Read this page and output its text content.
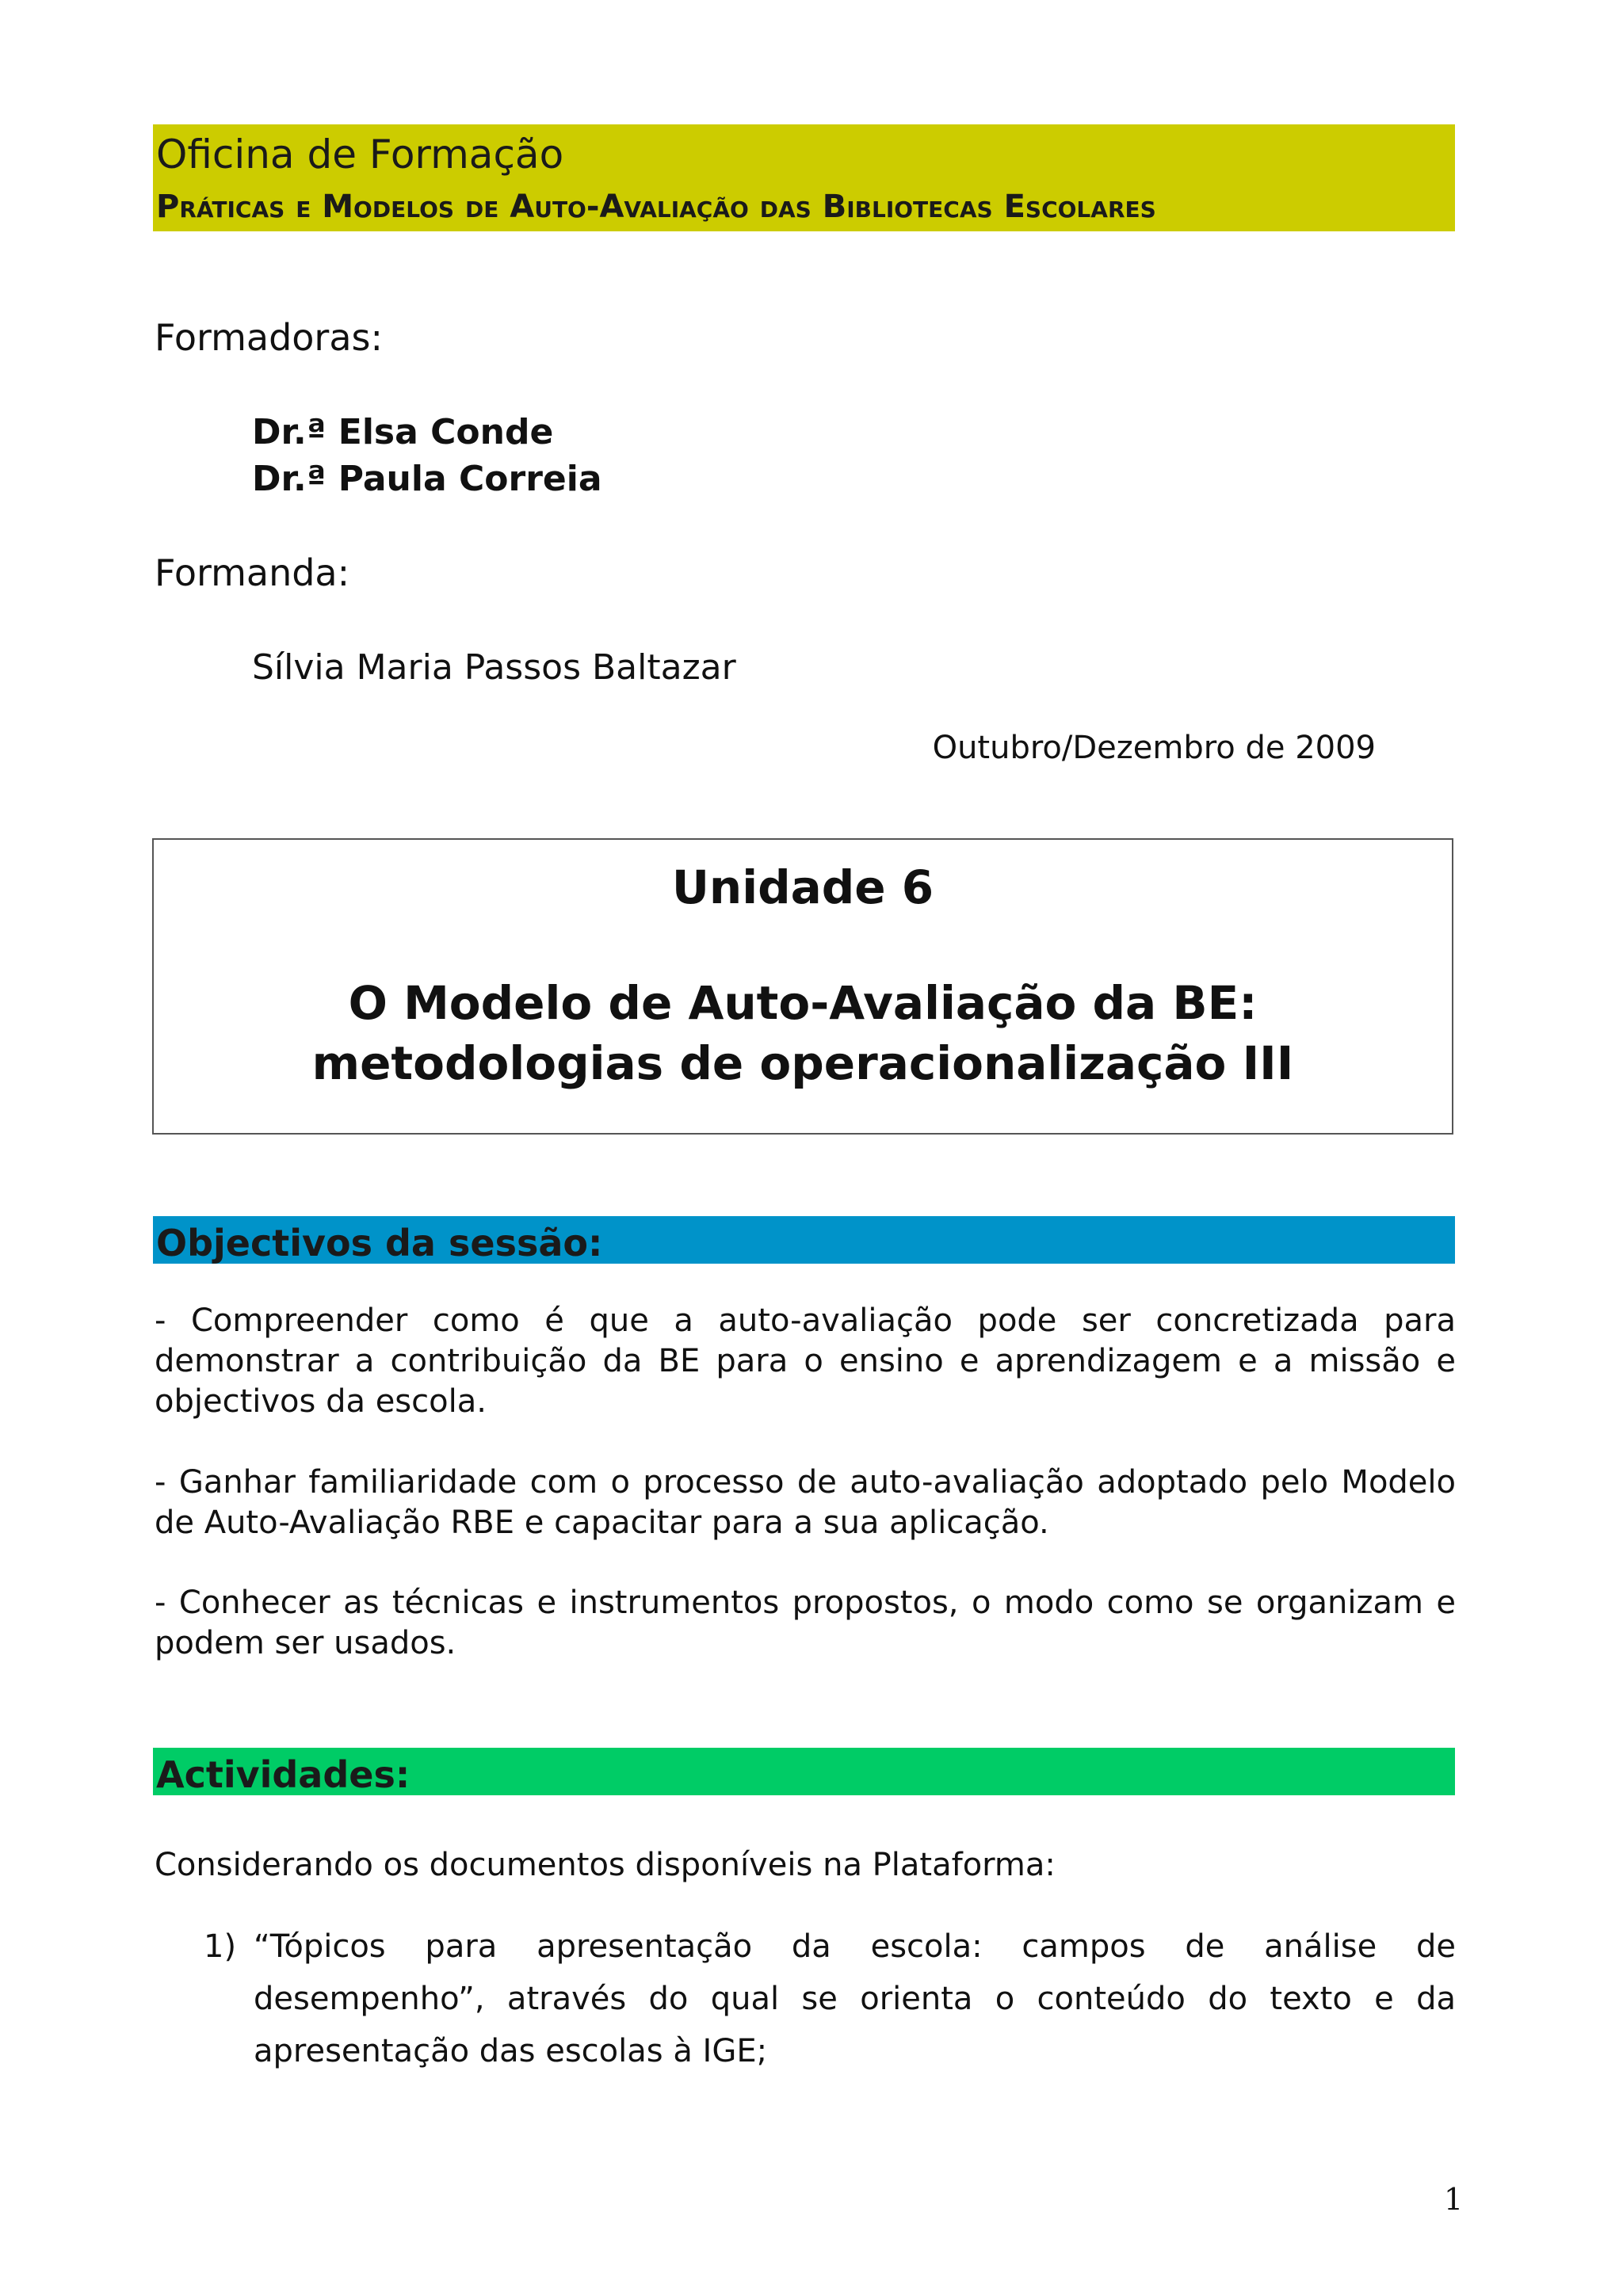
Oficina de Formação
Práticas e Modelos de Auto-Avaliação das Bibliotecas Escolares
Formadoras:
Dr.ª Elsa Conde
Dr.ª Paula Correia
Formanda:
Sílvia Maria Passos Baltazar
Outubro/Dezembro de 2009
Unidade 6
O Modelo de Auto-Avaliação da BE: metodologias de operacionalização III
Objectivos da sessão:
- Compreender como é que a auto-avaliação pode ser concretizada para demonstrar a contribuição da BE para o ensino e aprendizagem e a missão e objectivos da escola.
- Ganhar familiaridade com o processo de auto-avaliação adoptado pelo Modelo de Auto-Avaliação RBE e capacitar para a sua aplicação.
- Conhecer as técnicas e instrumentos propostos, o modo como se organizam e podem ser usados.
Actividades:
Considerando os documentos disponíveis na Plataforma:
1) “Tópicos para apresentação da escola: campos de análise de desempenho”, através do qual se orienta o conteúdo do texto e da apresentação das escolas à IGE;
1
